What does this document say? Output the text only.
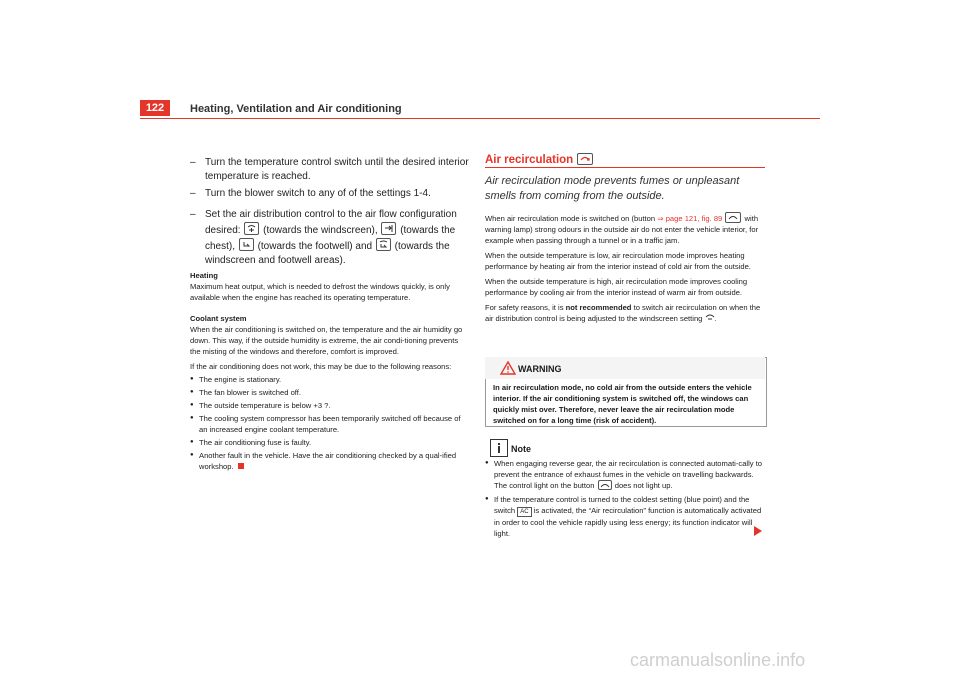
122	Heating, Ventilation and Air conditioning
– Turn the temperature control switch until the desired interior temperature is reached.
– Turn the blower switch to any of of the settings 1-4.
– Set the air distribution control to the air flow configuration desired: (towards the windscreen), (towards the chest), (towards the footwell) and (towards the windscreen and footwell areas).
Heating
Maximum heat output, which is needed to defrost the windows quickly, is only available when the engine has reached its operating temperature.
Coolant system
When the air conditioning is switched on, the temperature and the air humidity go down. This way, if the outside humidity is extreme, the air condi-tioning prevents the misting of the windows and therefore, comfort is improved.
If the air conditioning does not work, this may be due to the following reasons:
● The engine is stationary.
● The fan blower is switched off.
● The outside temperature is below +3 ?.
● The cooling system compressor has been temporarily switched off because of an increased engine coolant temperature.
● The air conditioning fuse is faulty.
● Another fault in the vehicle. Have the air conditioning checked by a qual-ified workshop.
Air recirculation
Air recirculation mode prevents fumes or unpleasant smells from coming from the outside.
When air recirculation mode is switched on (button ⇒ page 121, fig. 89	with warning lamp) strong odours in the outside air do not enter the vehicle interior, for example when passing through a tunnel or in a traffic jam.
When the outside temperature is low, air recirculation mode improves heating performance by heating air from the interior instead of cold air from the outside.
When the outside temperature is high, air recirculation mode improves cooling performance by cooling air from the interior instead of warm air from outside.
For safety reasons, it is not recommended to switch air recirculation on when the air distribution control is being adjusted to the windscreen setting .
WARNING
In air recirculation mode, no cold air from the outside enters the vehicle interior. If the air conditioning system is switched off, the windows can quickly mist over. Therefore, never leave the air recirculation mode switched on for a long time (risk of accident).
Note
● When engaging reverse gear, the air recirculation is connected automati-cally to prevent the entrance of exhaust fumes in the vehicle on travelling backwards. The control light on the button	does not light up.
● If the temperature control is turned to the coldest setting (blue point) and the switch AC is activated, the “Air recirculation” function is automatically activated in order to cool the vehicle rapidly using less energy; its function indicator will light.
carmanualsonline.info
